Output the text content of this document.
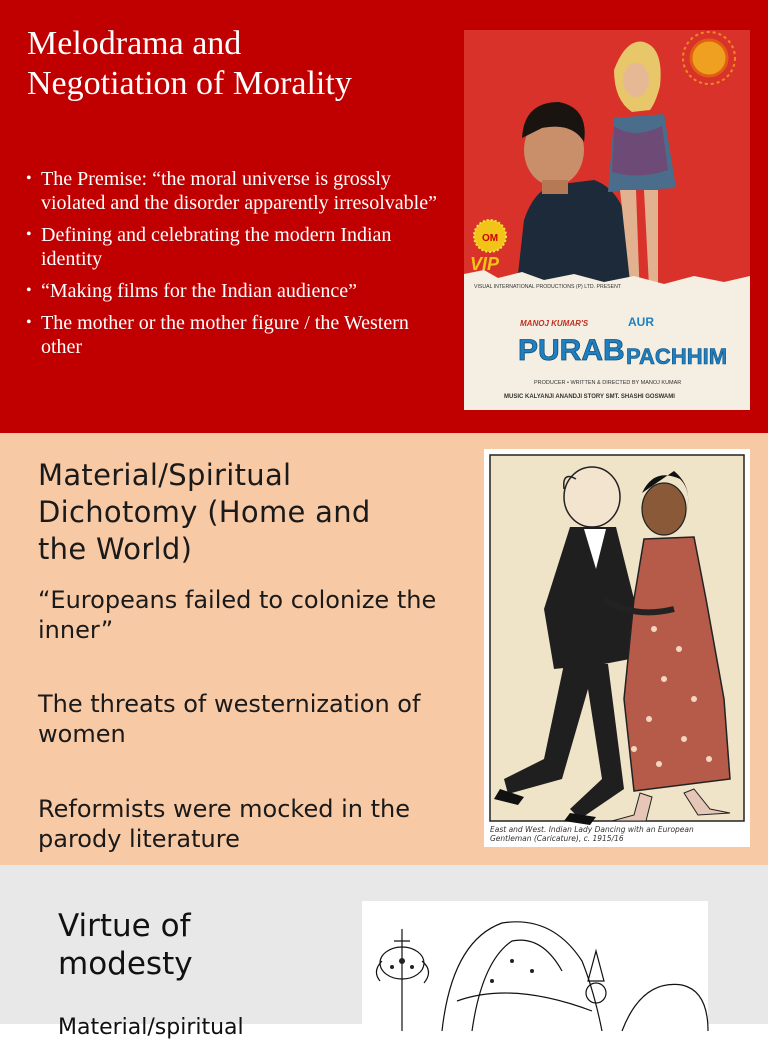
Melodrama and
Negotiation of Morality
• The Premise: “the moral universe is grossly violated and the disorder apparently irresolvable”
• Defining and celebrating the modern Indian identity
• “Making films for the Indian audience”
• The mother or the mother figure / the Western other
OM
VIP
VISUAL INTERNATIONAL PRODUCTIONS (P) LTD. PRESENT
MANOJ KUMAR'S
PURAB
AUR
PACHHIM
PRODUCER • WRITTEN & DIRECTED BY MANOJ KUMAR
MUSIC KALYANJI ANANDJI STORY SMT. SHASHI GOSWAMI
Material/Spiritual
Dichotomy (Home and
the World)
“Europeans failed to colonize the inner”
The threats of westernization of women
Reformists were mocked in the parody literature	East and West. Indian Lady Dancing with an European
Gentleman (Caricature), c. 1915/16
Virtue of
modesty
Material/spiritual
